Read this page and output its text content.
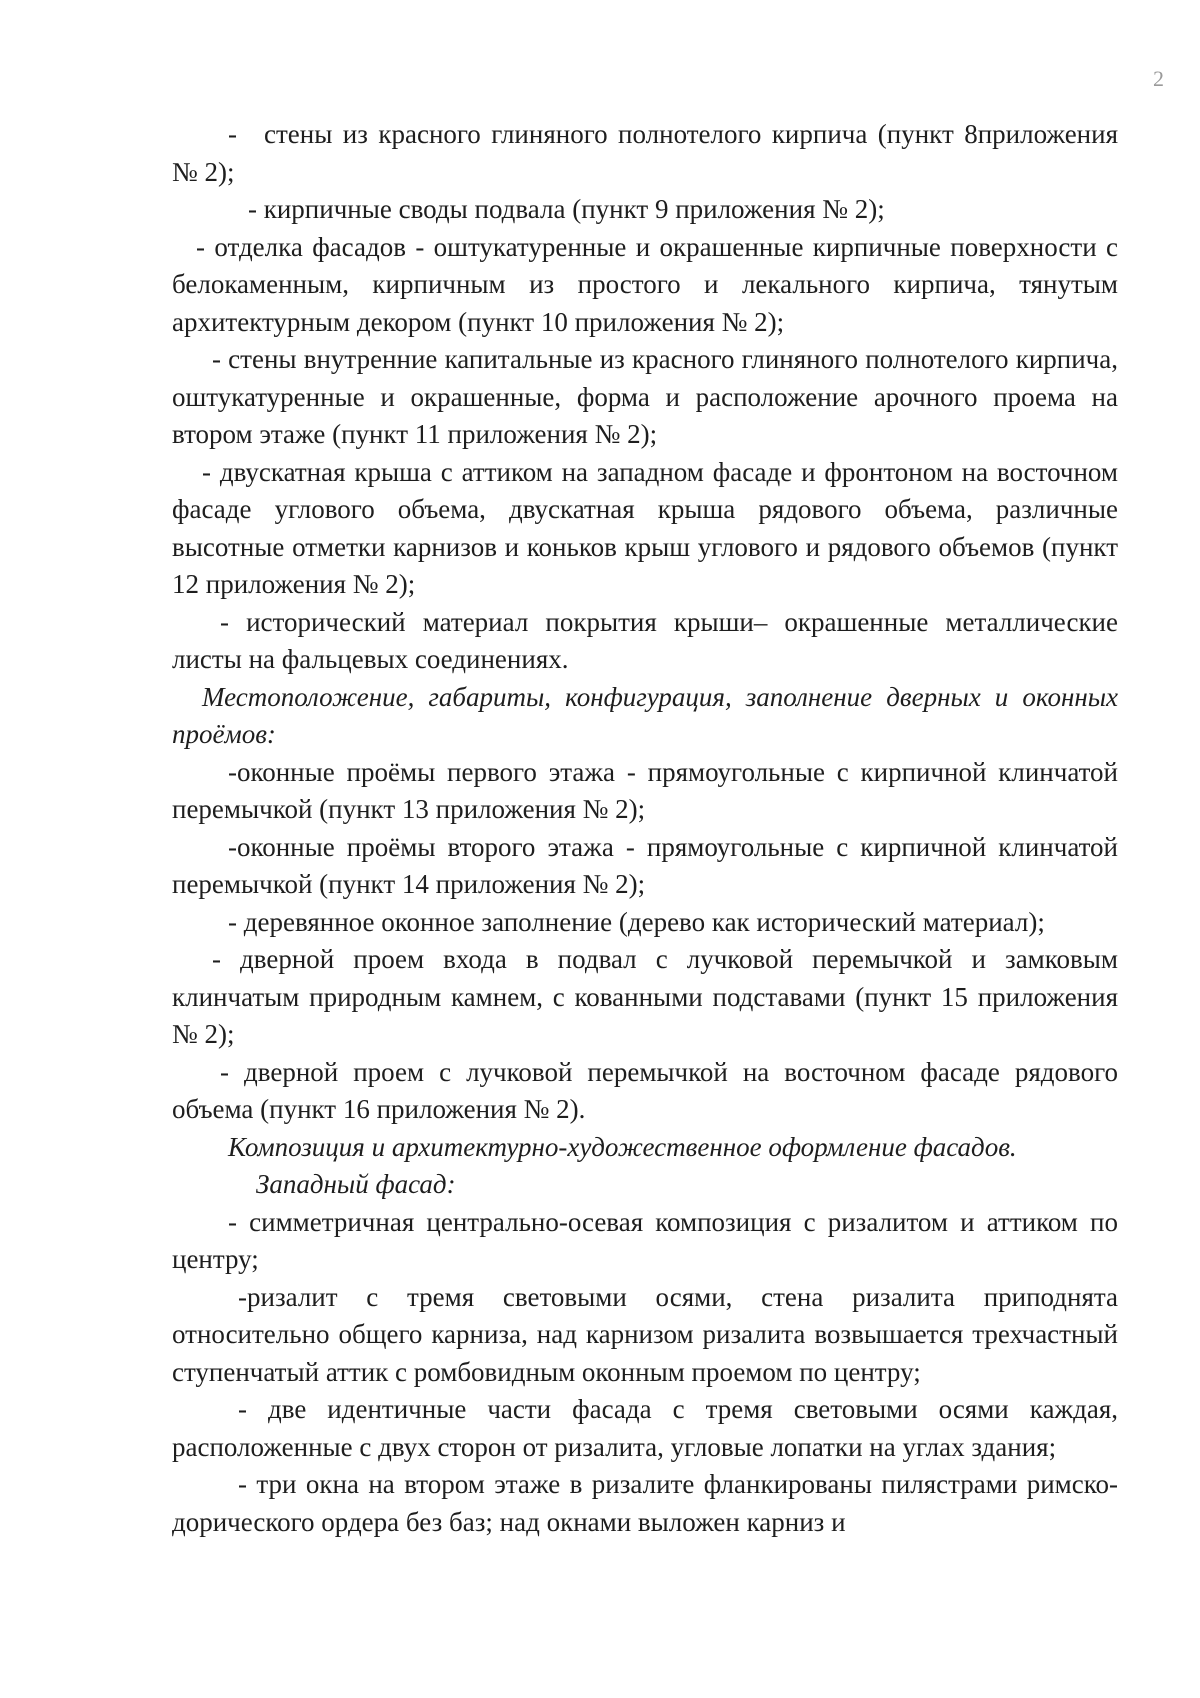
2

- стены из красного глиняного полнотелого кирпича (пункт 8приложения № 2);

- кирпичные своды подвала (пункт 9 приложения № 2);

- отделка фасадов - оштукатуренные и окрашенные кирпичные поверхности с белокаменным, кирпичным из простого и лекального кирпича, тянутым архитектурным декором (пункт 10 приложения № 2);

- стены внутренние капитальные из красного глиняного полнотелого кирпича, оштукатуренные и окрашенные, форма и расположение арочного проема на втором этаже (пункт 11 приложения № 2);

- двускатная крыша с аттиком на западном фасаде и фронтоном на восточном фасаде углового объема, двускатная крыша рядового объема, различные высотные отметки карнизов и коньков крыш углового и рядового объемов (пункт 12 приложения № 2);

- исторический материал покрытия крыши– окрашенные металлические листы на фальцевых соединениях.

Местоположение, габариты, конфигурация, заполнение дверных и оконных проёмов:

-оконные проёмы первого этажа - прямоугольные с кирпичной клинчатой перемычкой (пункт 13 приложения № 2);

-оконные проёмы второго этажа - прямоугольные с кирпичной клинчатой перемычкой (пункт 14 приложения № 2);

- деревянное оконное заполнение (дерево как исторический материал);

- дверной проем входа в подвал с лучковой перемычкой и замковым клинчатым природным камнем, с кованными подставами (пункт 15 приложения № 2);

- дверной проем с лучковой перемычкой на восточном фасаде рядового объема (пункт 16 приложения № 2).

Композиция и архитектурно-художественное оформление фасадов.

Западный фасад:

- симметричная центрально-осевая композиция с ризалитом и аттиком по центру;

-ризалит с тремя световыми осями, стена ризалита приподнята относительно общего карниза, над карнизом ризалита возвышается трехчастный ступенчатый аттик с ромбовидным оконным проемом по центру;

- две идентичные части фасада с тремя световыми осями каждая, расположенные с двух сторон от ризалита, угловые лопатки на углах здания;

- три окна на втором этаже в ризалите фланкированы пилястрами римско-дорического ордера без баз; над окнами выложен карниз и
